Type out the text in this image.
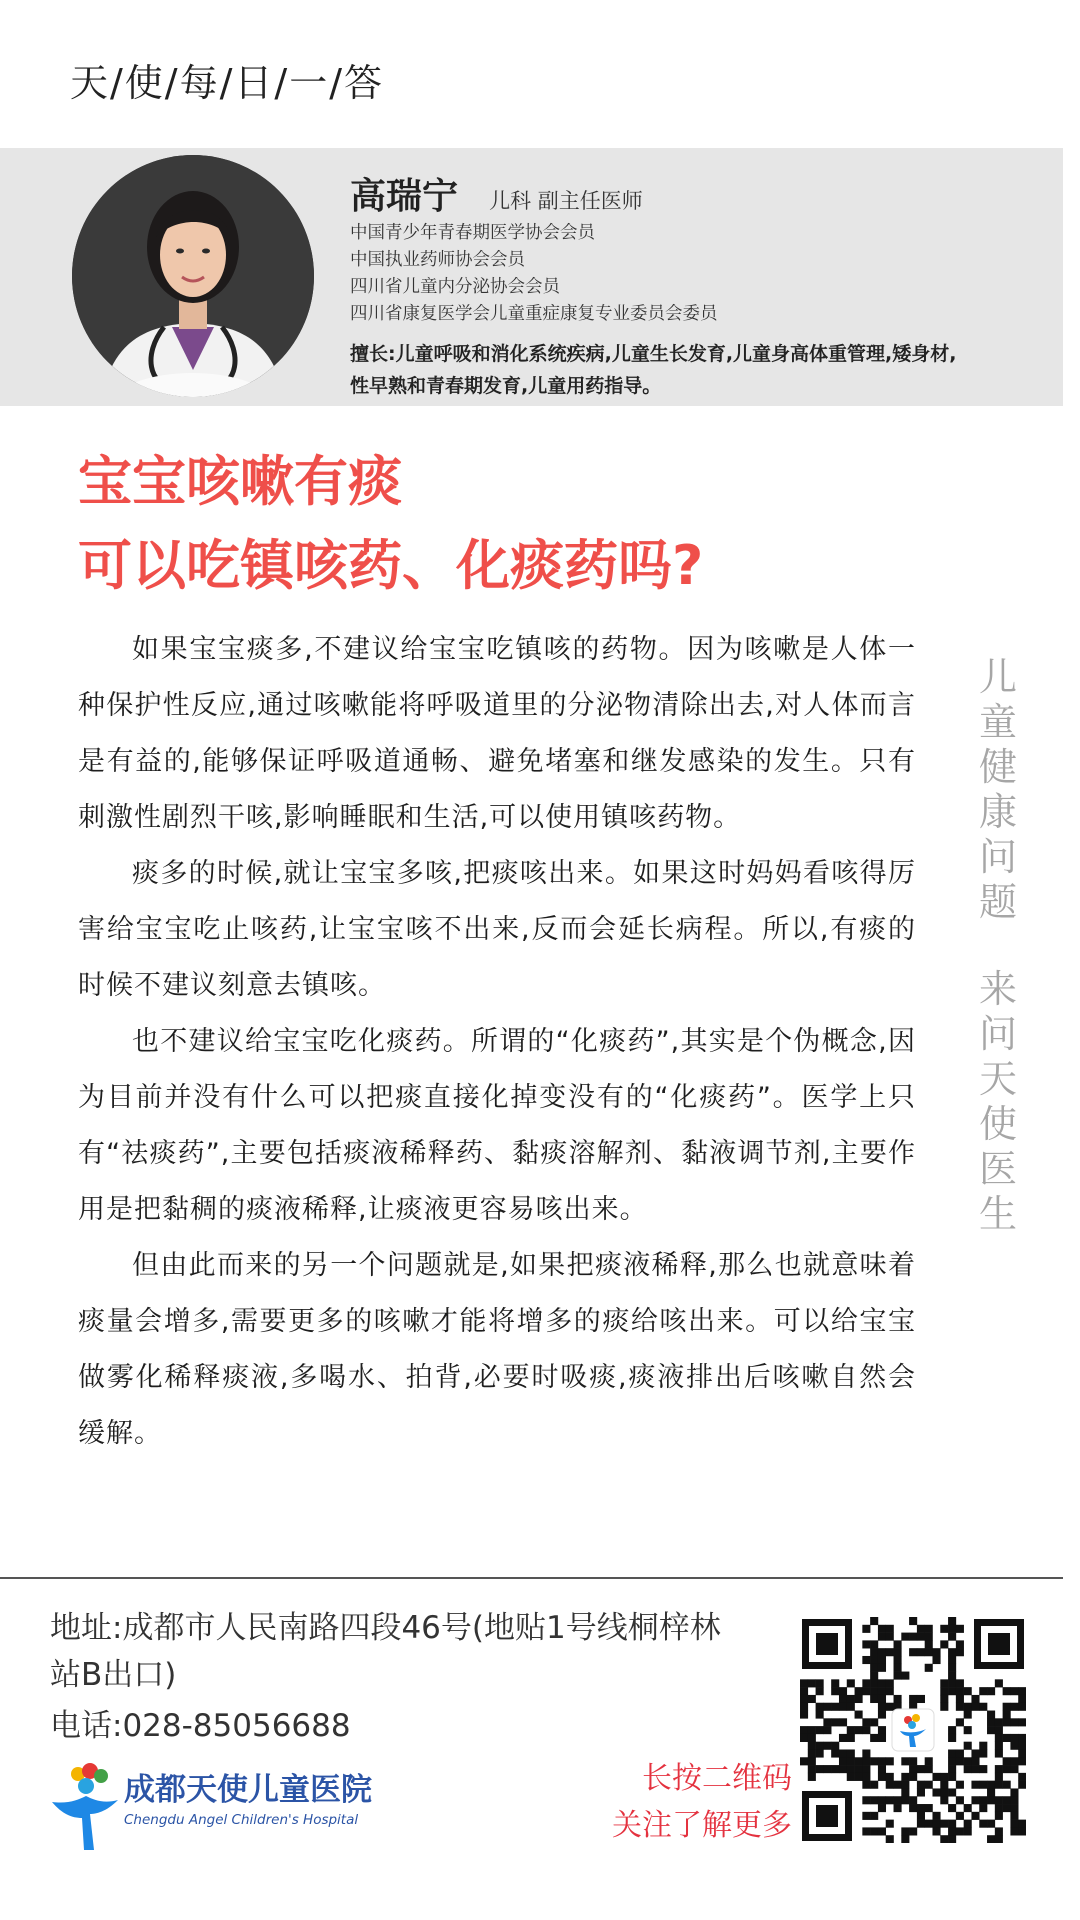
天/使/每/日/一/答
高瑞宁 儿科 副主任医师
中国青少年青春期医学协会会员
中国执业药师协会会员
四川省儿童内分泌协会会员
四川省康复医学会儿童重症康复专业委员会委员
擅长:儿童呼吸和消化系统疾病,儿童生长发育,儿童身高体重管理,矮身材,性早熟和青春期发育,儿童用药指导。
宝宝咳嗽有痰
可以吃镇咳药、化痰药吗?

如果宝宝痰多,不建议给宝宝吃镇咳的药物。因为咳嗽是人体一种保护性反应,通过咳嗽能将呼吸道里的分泌物清除出去,对人体而言是有益的,能够保证呼吸道通畅、避免堵塞和继发感染的发生。只有刺激性剧烈干咳,影响睡眠和生活,可以使用镇咳药物。

痰多的时候,就让宝宝多咳,把痰咳出来。如果这时妈妈看咳得厉害给宝宝吃止咳药,让宝宝咳不出来,反而会延长病程。所以,有痰的时候不建议刻意去镇咳。

也不建议给宝宝吃化痰药。所谓的“化痰药”,其实是个伪概念,因为目前并没有什么可以把痰直接化掉变没有的“化痰药”。医学上只有“祛痰药”,主要包括痰液稀释药、黏痰溶解剂、黏液调节剂,主要作用是把黏稠的痰液稀释,让痰液更容易咳出来。

但由此而来的另一个问题就是,如果把痰液稀释,那么也就意味着痰量会增多,需要更多的咳嗽才能将增多的痰给咳出来。可以给宝宝做雾化稀释痰液,多喝水、拍背,必要时吸痰,痰液排出后咳嗽自然会缓解。

儿童健康问题
来问天使医生
地址:成都市人民南路四段46号(地贴1号线桐梓林站B出口)
电话:028-85056688
成都天使儿童医院
Chengdu Angel Children's Hospital
长按二维码
关注了解更多
